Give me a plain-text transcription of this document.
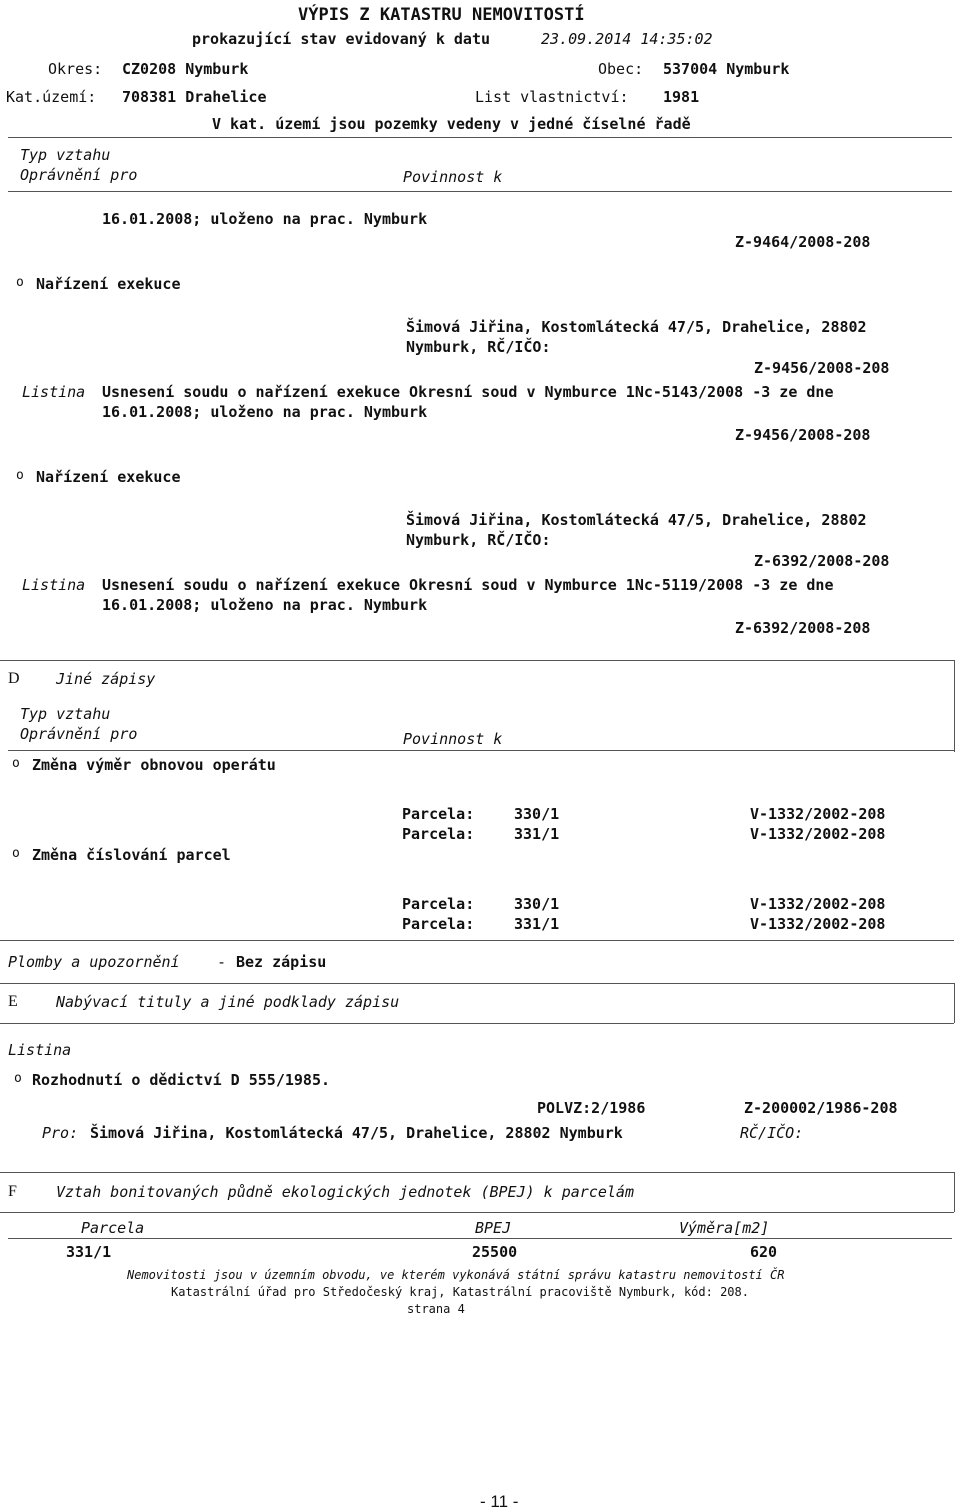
VÝPIS Z KATASTRU NEMOVITOSTÍ
prokazující stav evidovaný k datu	23.09.2014 14:35:02
Okres: CZ0208 Nymburk	Obec: 537004 Nymburk
Kat.území: 708381 Drahelice	List vlastnictví: 1981
V kat. území jsou pozemky vedeny v jedné číselné řadě
Typ vztahu
Oprávnění pro	Povinnost k
16.01.2008; uloženo na prac. Nymburk
Z-9464/2008-208
o Nařízení exekuce
Šimová Jiřina, Kostomlátecká 47/5, Drahelice, 28802
Nymburk, RČ/IČO:
Z-9456/2008-208
Listina Usnesení soudu o nařízení exekuce Okresní soud v Nymburce 1Nc-5143/2008 -3 ze dne
16.01.2008; uloženo na prac. Nymburk
Z-9456/2008-208
o Nařízení exekuce
Šimová Jiřina, Kostomlátecká 47/5, Drahelice, 28802
Nymburk, RČ/IČO:
Z-6392/2008-208
Listina Usnesení soudu o nařízení exekuce Okresní soud v Nymburce 1Nc-5119/2008 -3 ze dne
16.01.2008; uloženo na prac. Nymburk
Z-6392/2008-208
D Jiné zápisy
Typ vztahu
Oprávnění pro	Povinnost k
o Změna výměr obnovou operátu
Parcela:	330/1	V-1332/2002-208
Parcela:	331/1	V-1332/2002-208
o Změna číslování parcel
Parcela:	330/1	V-1332/2002-208
Parcela:	331/1	V-1332/2002-208
Plomby a upozornění - Bez zápisu
E	Nabývací tituly a jiné podklady zápisu
Listina
o Rozhodnutí o dědictví D 555/1985.
POLVZ:2/1986	Z-200002/1986-208
Pro: Šimová Jiřina, Kostomlátecká 47/5, Drahelice, 28802 Nymburk	RČ/IČO:
F	Vztah bonitovaných půdně ekologických jednotek (BPEJ) k parcelám
Parcela	BPEJ	Výměra[m2]
331/1	25500	620
Nemovitosti jsou v územním obvodu, ve kterém vykonává státní správu katastru nemovitostí ČR
Katastrální úřad pro Středočeský kraj, Katastrální pracoviště Nymburk, kód: 208.
strana 4
- 11 -
